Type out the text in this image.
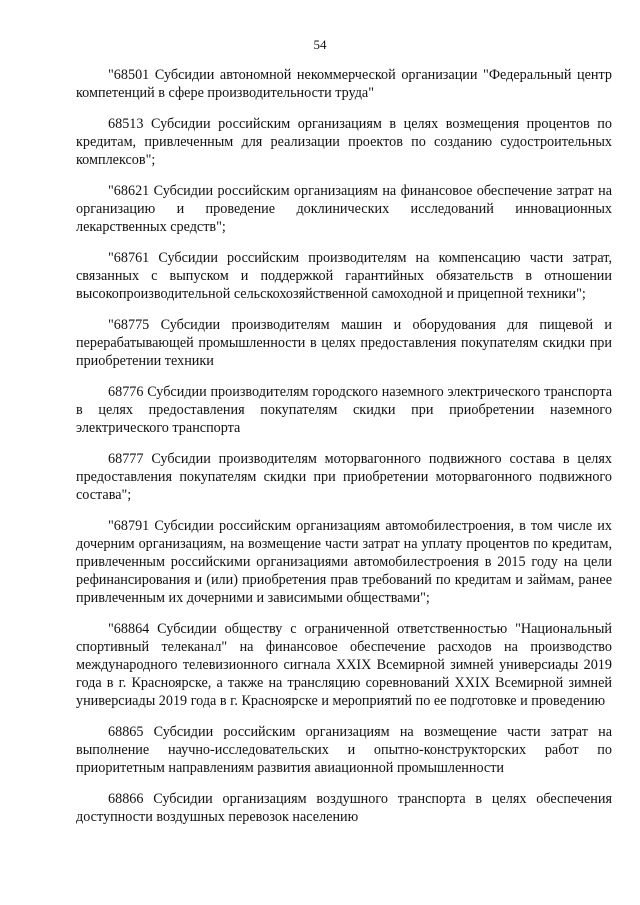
54

"68501 Субсидии автономной некоммерческой организации "Федеральный центр компетенций в сфере производительности труда"

68513 Субсидии российским организациям в целях возмещения процентов по кредитам, привлеченным для реализации проектов по созданию судостроительных комплексов";

"68621 Субсидии российским организациям на финансовое обеспечение затрат на организацию и проведение доклинических исследований инновационных лекарственных средств";

"68761 Субсидии российским производителям на компенсацию части затрат, связанных с выпуском и поддержкой гарантийных обязательств в отношении высокопроизводительной сельскохозяйственной самоходной и прицепной техники";

"68775 Субсидии производителям машин и оборудования для пищевой и перерабатывающей промышленности в целях предоставления покупателям скидки при приобретении техники

68776 Субсидии производителям городского наземного электрического транспорта в целях предоставления покупателям скидки при приобретении наземного электрического транспорта

68777 Субсидии производителям моторвагонного подвижного состава в целях предоставления покупателям скидки при приобретении моторвагонного подвижного состава";

"68791 Субсидии российским организациям автомобилестроения, в том числе их дочерним организациям, на возмещение части затрат на уплату процентов по кредитам, привлеченным российскими организациями автомобилестроения в 2015 году на цели рефинансирования и (или) приобретения прав требований по кредитам и займам, ранее привлеченным их дочерними и зависимыми обществами";

"68864 Субсидии обществу с ограниченной ответственностью "Национальный спортивный телеканал" на финансовое обеспечение расходов на производство международного телевизионного сигнала XXIX Всемирной зимней универсиады 2019 года в г. Красноярске, а также на трансляцию соревнований XXIX Всемирной зимней универсиады 2019 года в г. Красноярске и мероприятий по ее подготовке и проведению

68865 Субсидии российским организациям на возмещение части затрат на выполнение научно-исследовательских и опытно-конструкторских работ по приоритетным направлениям развития авиационной промышленности

68866 Субсидии организациям воздушного транспорта в целях обеспечения доступности воздушных перевозок населению
